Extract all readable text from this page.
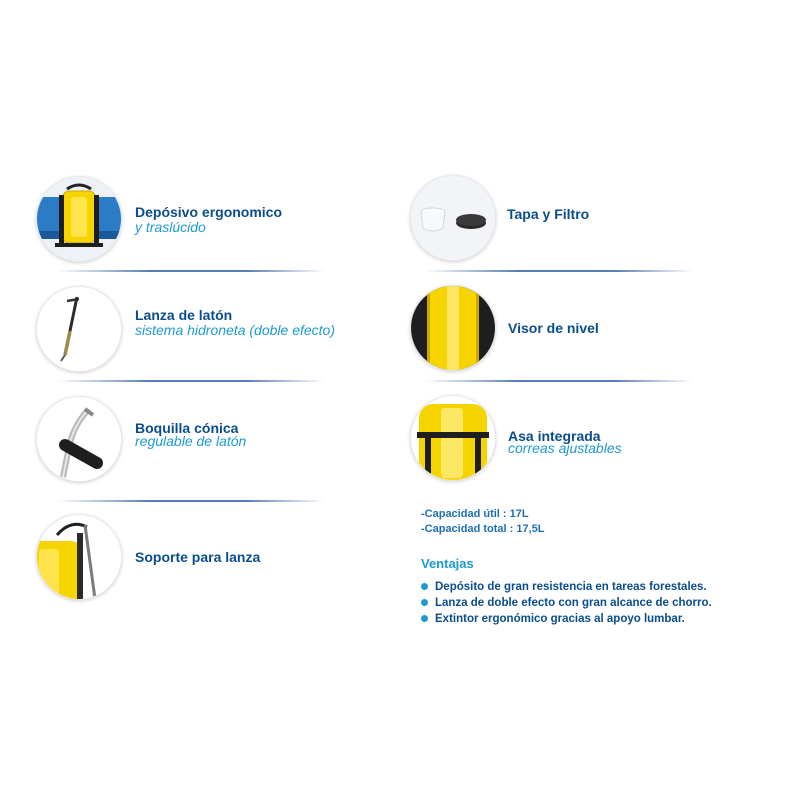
Depósivo ergonomico
y traslúcido
Lanza de latón
sistema hidroneta (doble efecto)
Boquilla cónica
regulable de latón
Soporte para lanza
Tapa y Filtro
Visor de nivel
Asa integrada
correas ajustables
-Capacidad útil : 17L
-Capacidad total : 17,5L
Ventajas
Depósito de gran resistencia en tareas forestales.
Lanza de doble efecto con gran alcance de chorro.
Extintor ergonómico gracias al apoyo lumbar.
